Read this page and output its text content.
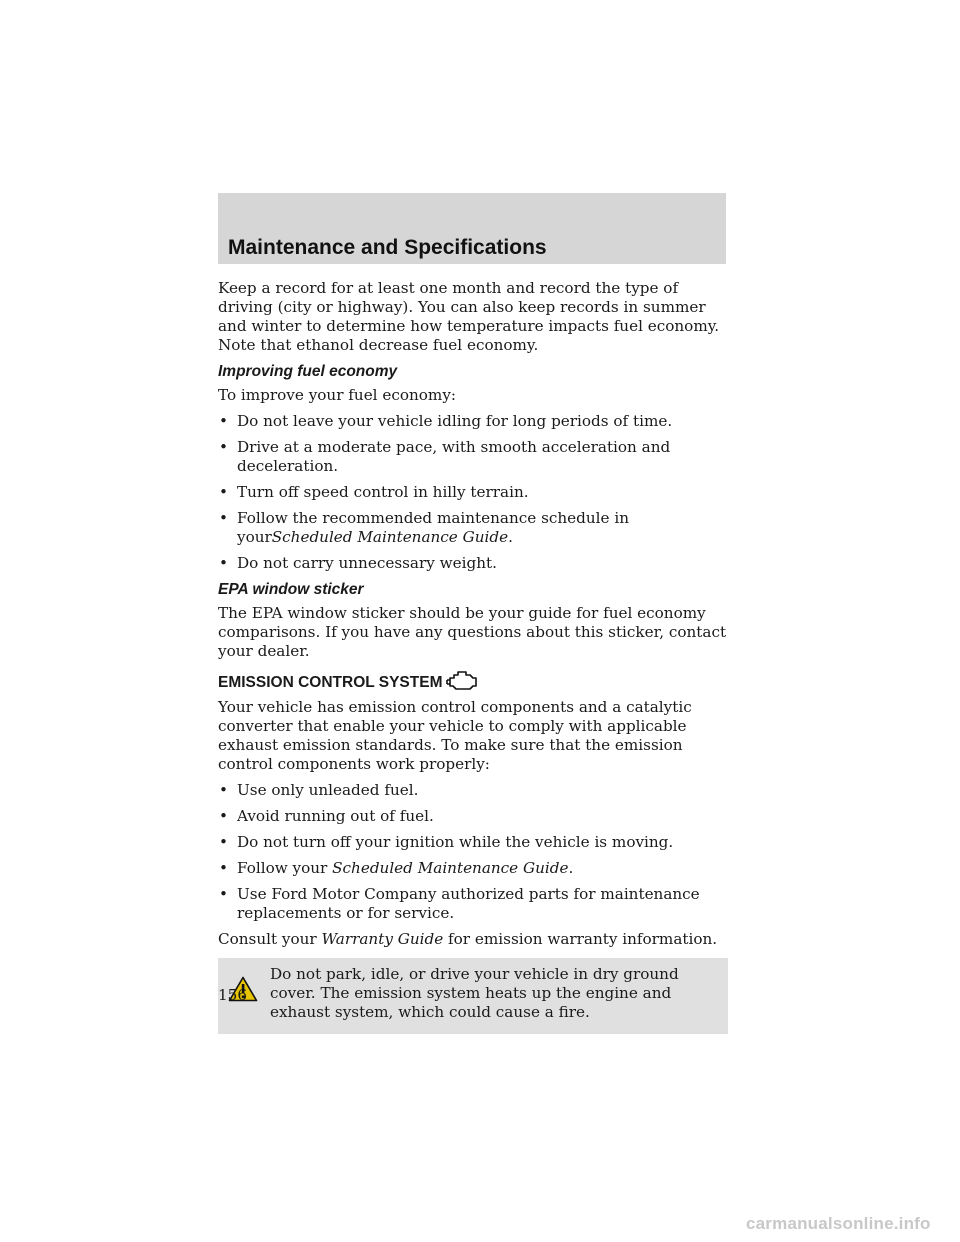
Maintenance and Specifications

Keep a record for at least one month and record the type of driving (city or highway). You can also keep records in summer and winter to determine how temperature impacts fuel economy. Note that ethanol decrease fuel economy.

Improving fuel economy

To improve your fuel economy:

• Do not leave your vehicle idling for long periods of time.
• Drive at a moderate pace, with smooth acceleration and deceleration.
• Turn off speed control in hilly terrain.
• Follow the recommended maintenance schedule in yourScheduled Maintenance Guide.
• Do not carry unnecessary weight.
EPA window sticker

The EPA window sticker should be your guide for fuel economy comparisons. If you have any questions about this sticker, contact your dealer.

EMISSION CONTROL SYSTEM

Your vehicle has emission control components and a catalytic converter that enable your vehicle to comply with applicable exhaust emission standards. To make sure that the emission control components work properly:

• Use only unleaded fuel.
• Avoid running out of fuel.
• Do not turn off your ignition while the vehicle is moving.
• Follow your Scheduled Maintenance Guide.
• Use Ford Motor Company authorized parts for maintenance replacements or for service.

Consult your Warranty Guide for emission warranty information.

Do not park, idle, or drive your vehicle in dry ground cover. The emission system heats up the engine and exhaust system, which could cause a fire.

156
carmanualsonline.info
